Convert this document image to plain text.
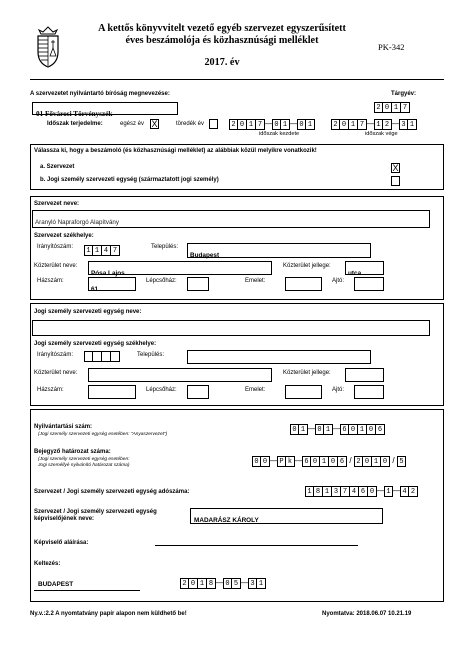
A kettős könyvvitelt vezető egyéb szervezet egyszerűsített
éves beszámolója és közhasznúsági melléklet
2017. év
PK-342
A szervezetet nyilvántartó bíróság megnevezése:	Tárgyév:
01 Fővárosi Törvényszék
2 0 1 7
Időszak terjedelme:	egész év X	töredék év	2 0 1 7 — 0 1 — 0 1
időszak kezdete
2 0 1 7 — 1 2 — 3 1
időszak vége
Válassza ki, hogy a beszámoló (és közhasznúsági melléklet) az alábbiak közül melyikre vonatkozik!
a. Szervezet	X
b. Jogi személy szervezeti egység (származtatott jogi személy)
Szervezet neve:
Aranyló Napraforgó Alapítvány
Szervezet székhelye:
Irányítószám:	1 1 4 7	Település:
Budapest
Közterület neve:
Pósa Lajos
Közterület jellege:
utca
Házszám:
61
Lépcsőház:	Emelet:	Ajtó:
Jogi személy szervezeti egység neve:
Jogi személy szervezeti egység székhelye:
Irányítószám:	Település:
Közterület neve:	Közterület jellege:
Házszám:	Lépcsőház:	Emelet:	Ajtó:
Nyilvántartási szám:
(Jogi személy szervezeti egység esetében: "Anyaszervezet")
0 1 — 0 1 — 6 0 1 0 6
Bejegyző határozat száma:
(Jogi személy szervezeti egység esetében:
Jogi személlyé nyilvánító határozat száma)	0 0 — P k — 6 0 1 0 6 / 2 0 1 0 / 5
Szervezet / Jogi személy szervezeti egység adószáma:	1 8 1 3 7 4 6 0 — 1 — 4 2
Szervezet / Jogi személy szervezeti egység
képviselőjének neve:	MADARÁSZ KÁROLY
Képviselő aláírása:
Keltezés:
BUDAPEST	2 0 1 8 — 0 5 — 3 1
Ny.v.:2.2 A nyomtatvány papír alapon nem küldhető be!	Nyomtatva: 2018.06.07 10.21.19
